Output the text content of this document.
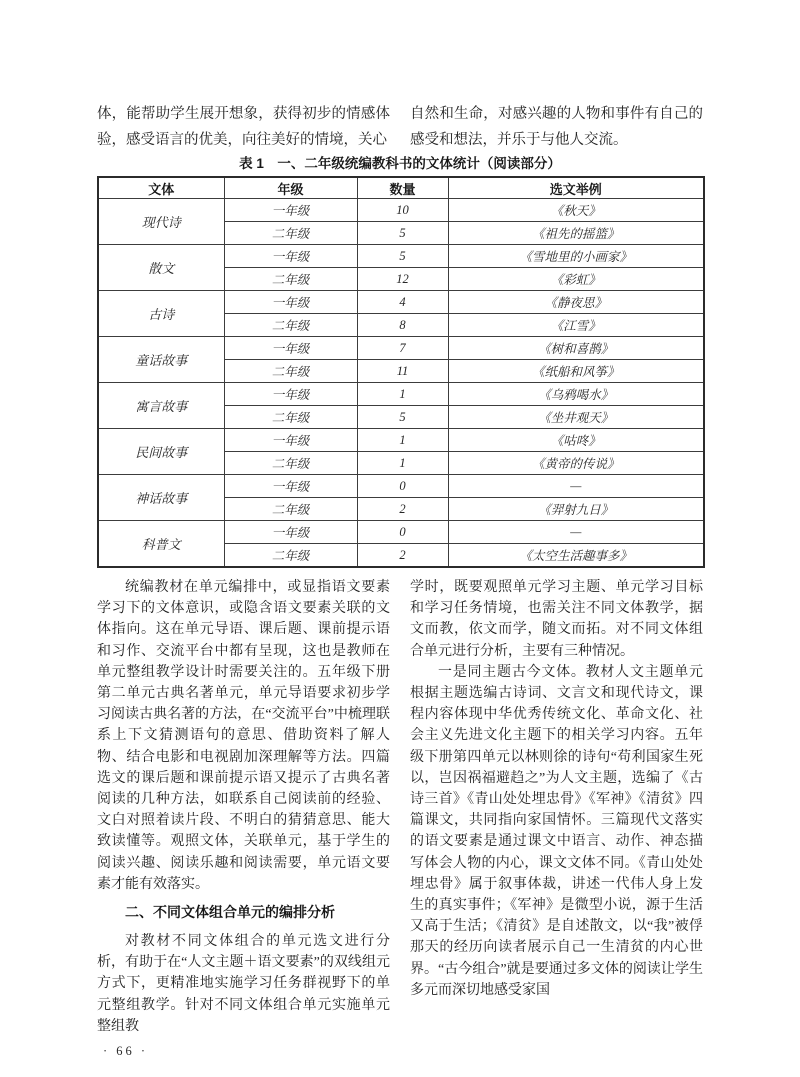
体，能帮助学生展开想象，获得初步的情感体验，感受语言的优美，向往美好的情境，关心

自然和生命，对感兴趣的人物和事件有自己的感受和想法，并乐于与他人交流。

表 1　一、二年级统编教科书的文体统计（阅读部分）
文体	年级	数量	选文举例
现代诗	一年级	10	《秋天》
	二年级	5	《祖先的摇篮》
散文	一年级	5	《雪地里的小画家》
	二年级	12	《彩虹》
古诗	一年级	4	《静夜思》
	二年级	8	《江雪》
童话故事	一年级	7	《树和喜鹊》
	二年级	11	《纸船和风筝》
寓言故事	一年级	1	《乌鸦喝水》
	二年级	5	《坐井观天》
民间故事	一年级	1	《咕咚》
	二年级	1	《黄帝的传说》
神话故事	一年级	0	—
	二年级	2	《羿射九日》
科普文	一年级	0	—
	二年级	2	《太空生活趣事多》

统编教材在单元编排中，或显指语文要素学习下的文体意识，或隐含语文要素关联的文体指向。这在单元导语、课后题、课前提示语和习作、交流平台中都有呈现，这也是教师在单元整组教学设计时需要关注的。五年级下册第二单元古典名著单元，单元导语要求初步学习阅读古典名著的方法，在“交流平台”中梳理联系上下文猜测语句的意思、借助资料了解人物、结合电影和电视剧加深理解等方法。四篇选文的课后题和课前提示语又提示了古典名著阅读的几种方法，如联系自己阅读前的经验、文白对照着读片段、不明白的猜猜意思、能大致读懂等。观照文体，关联单元，基于学生的阅读兴趣、阅读乐趣和阅读需要，单元语文要素才能有效落实。

二、不同文体组合单元的编排分析

对教材不同文体组合的单元选文进行分析，有助于在“人文主题＋语文要素”的双线组元方式下，更精准地实施学习任务群视野下的单元整组教学。针对不同文体组合单元实施单元整组教

· 66 ·

学时，既要观照单元学习主题、单元学习目标和学习任务情境，也需关注不同文体教学，据文而教，依文而学，随文而拓。对不同文体组合单元进行分析，主要有三种情况。

一是同主题古今文体。教材人文主题单元根据主题选编古诗词、文言文和现代诗文，课程内容体现中华优秀传统文化、革命文化、社会主义先进文化主题下的相关学习内容。五年级下册第四单元以林则徐的诗句“苟利国家生死以，岂因祸福避趋之”为人文主题，选编了《古诗三首》《青山处处埋忠骨》《军神》《清贫》四篇课文，共同指向家国情怀。三篇现代文落实的语文要素是通过课文中语言、动作、神态描写体会人物的内心，课文文体不同。《青山处处埋忠骨》属于叙事体裁，讲述一代伟人身上发生的真实事件；《军神》是微型小说，源于生活又高于生活；《清贫》是自述散文，以“我”被俘那天的经历向读者展示自己一生清贫的内心世界。“古今组合”就是要通过多文体的阅读让学生多元而深切地感受家国
